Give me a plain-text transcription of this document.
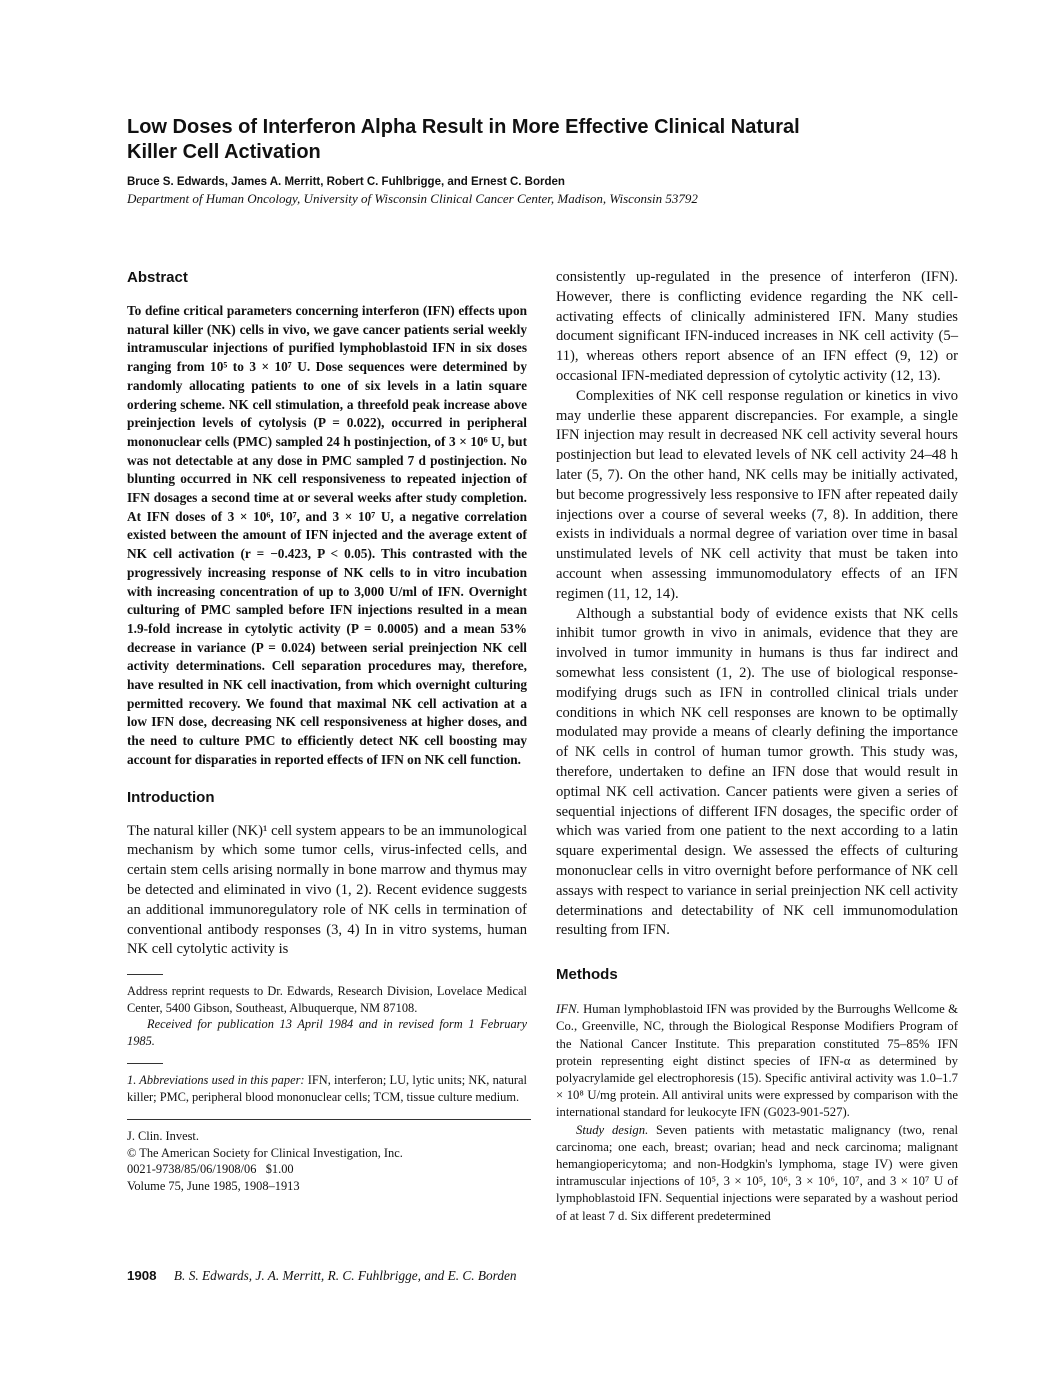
Low Doses of Interferon Alpha Result in More Effective Clinical Natural Killer Cell Activation
Bruce S. Edwards, James A. Merritt, Robert C. Fuhlbrigge, and Ernest C. Borden
Department of Human Oncology, University of Wisconsin Clinical Cancer Center, Madison, Wisconsin 53792
Abstract

To define critical parameters concerning interferon (IFN) effects upon natural killer (NK) cells in vivo, we gave cancer patients serial weekly intramuscular injections of purified lymphoblastoid IFN in six doses ranging from 10⁵ to 3 × 10⁷ U. Dose sequences were determined by randomly allocating patients to one of six levels in a latin square ordering scheme. NK cell stimulation, a threefold peak increase above preinjection levels of cytolysis (P = 0.022), occurred in peripheral mononuclear cells (PMC) sampled 24 h postinjection, of 3 × 10⁶ U, but was not detectable at any dose in PMC sampled 7 d postinjection. No blunting occurred in NK cell responsiveness to repeated injection of IFN dosages a second time at or several weeks after study completion. At IFN doses of 3 × 10⁶, 10⁷, and 3 × 10⁷ U, a negative correlation existed between the amount of IFN injected and the average extent of NK cell activation (r = −0.423, P < 0.05). This contrasted with the progressively increasing response of NK cells to in vitro incubation with increasing concentration of up to 3,000 U/ml of IFN. Overnight culturing of PMC sampled before IFN injections resulted in a mean 1.9-fold increase in cytolytic activity (P = 0.0005) and a mean 53% decrease in variance (P = 0.024) between serial preinjection NK cell activity determinations. Cell separation procedures may, therefore, have resulted in NK cell inactivation, from which overnight culturing permitted recovery. We found that maximal NK cell activation at a low IFN dose, decreasing NK cell responsiveness at higher doses, and the need to culture PMC to efficiently detect NK cell boosting may account for disparaties in reported effects of IFN on NK cell function.

Introduction

The natural killer (NK)¹ cell system appears to be an immunological mechanism by which some tumor cells, virus-infected cells, and certain stem cells arising normally in bone marrow and thymus may be detected and eliminated in vivo (1, 2). Recent evidence suggests an additional immunoregulatory role of NK cells in termination of conventional antibody responses (3, 4) In in vitro systems, human NK cell cytolytic activity is

Address reprint requests to Dr. Edwards, Research Division, Lovelace Medical Center, 5400 Gibson, Southeast, Albuquerque, NM 87108.

Received for publication 13 April 1984 and in revised form 1 February 1985.

1. Abbreviations used in this paper: IFN, interferon; LU, lytic units; NK, natural killer; PMC, peripheral blood mononuclear cells; TCM, tissue culture medium.

J. Clin. Invest.

© The American Society for Clinical Investigation, Inc.

0021-9738/85/06/1908/06   $1.00

Volume 75, June 1985, 1908–1913

consistently up-regulated in the presence of interferon (IFN). However, there is conflicting evidence regarding the NK cell-activating effects of clinically administered IFN. Many studies document significant IFN-induced increases in NK cell activity (5–11), whereas others report absence of an IFN effect (9, 12) or occasional IFN-mediated depression of cytolytic activity (12, 13).

Complexities of NK cell response regulation or kinetics in vivo may underlie these apparent discrepancies. For example, a single IFN injection may result in decreased NK cell activity several hours postinjection but lead to elevated levels of NK cell activity 24–48 h later (5, 7). On the other hand, NK cells may be initially activated, but become progressively less responsive to IFN after repeated daily injections over a course of several weeks (7, 8). In addition, there exists in individuals a normal degree of variation over time in basal unstimulated levels of NK cell activity that must be taken into account when assessing immunomodulatory effects of an IFN regimen (11, 12, 14).

Although a substantial body of evidence exists that NK cells inhibit tumor growth in vivo in animals, evidence that they are involved in tumor immunity in humans is thus far indirect and somewhat less consistent (1, 2). The use of biological response-modifying drugs such as IFN in controlled clinical trials under conditions in which NK cell responses are known to be optimally modulated may provide a means of clearly defining the importance of NK cells in control of human tumor growth. This study was, therefore, undertaken to define an IFN dose that would result in optimal NK cell activation. Cancer patients were given a series of sequential injections of different IFN dosages, the specific order of which was varied from one patient to the next according to a latin square experimental design. We assessed the effects of culturing mononuclear cells in vitro overnight before performance of NK cell assays with respect to variance in serial preinjection NK cell activity determinations and detectability of NK cell immunomodulation resulting from IFN.

Methods

IFN. Human lymphoblastoid IFN was provided by the Burroughs Wellcome & Co., Greenville, NC, through the Biological Response Modifiers Program of the National Cancer Institute. This preparation constituted 75–85% IFN protein representing eight distinct species of IFN-α as determined by polyacrylamide gel electrophoresis (15). Specific antiviral activity was 1.0–1.7 × 10⁸ U/mg protein. All antiviral units were expressed by comparison with the international standard for leukocyte IFN (G023-901-527).

Study design. Seven patients with metastatic malignancy (two, renal carcinoma; one each, breast; ovarian; head and neck carcinoma; malignant hemangiopericytoma; and non-Hodgkin's lymphoma, stage IV) were given intramuscular injections of 10⁵, 3 × 10⁵, 10⁶, 3 × 10⁶, 10⁷, and 3 × 10⁷ U of lymphoblastoid IFN. Sequential injections were separated by a washout period of at least 7 d. Six different predetermined

1908 B. S. Edwards, J. A. Merritt, R. C. Fuhlbrigge, and E. C. Borden
